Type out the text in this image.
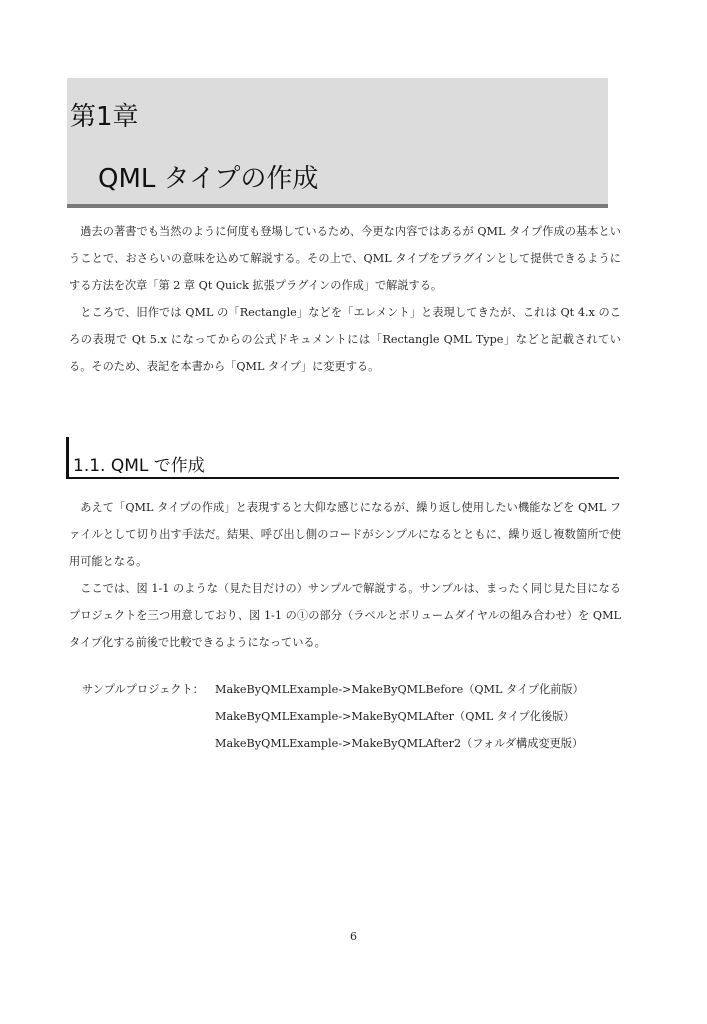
第1章
QML タイプの作成

過去の著書でも当然のように何度も登場しているため、今更な内容ではあるが QML タイプ作成の基本ということで、おさらいの意味を込めて解説する。その上で、QML タイプをプラグインとして提供できるようにする方法を次章「第 2 章 Qt Quick 拡張プラグインの作成」で解説する。

ところで、旧作では QML の「Rectangle」などを「エレメント」と表現してきたが、これは Qt 4.x のころの表現で Qt 5.x になってからの公式ドキュメントには「Rectangle QML Type」などと記載されている。そのため、表記を本書から「QML タイプ」に変更する。

1.1. QML で作成

あえて「QML タイプの作成」と表現すると大仰な感じになるが、繰り返し使用したい機能などを QML ファイルとして切り出す手法だ。結果、呼び出し側のコードがシンプルになるとともに、繰り返し複数箇所で使用可能となる。

ここでは、図 1-1 のような（見た目だけの）サンプルで解説する。サンプルは、まったく同じ見た目になるプロジェクトを三つ用意しており、図 1-1 の①の部分（ラベルとボリュームダイヤルの組み合わせ）を QML タイプ化する前後で比較できるようになっている。

サンプルプロジェクト： MakeByQMLExample->MakeByQMLBefore（QML タイプ化前版）
MakeByQMLExample->MakeByQMLAfter（QML タイプ化後版）
MakeByQMLExample->MakeByQMLAfter2（フォルダ構成変更版）
6
